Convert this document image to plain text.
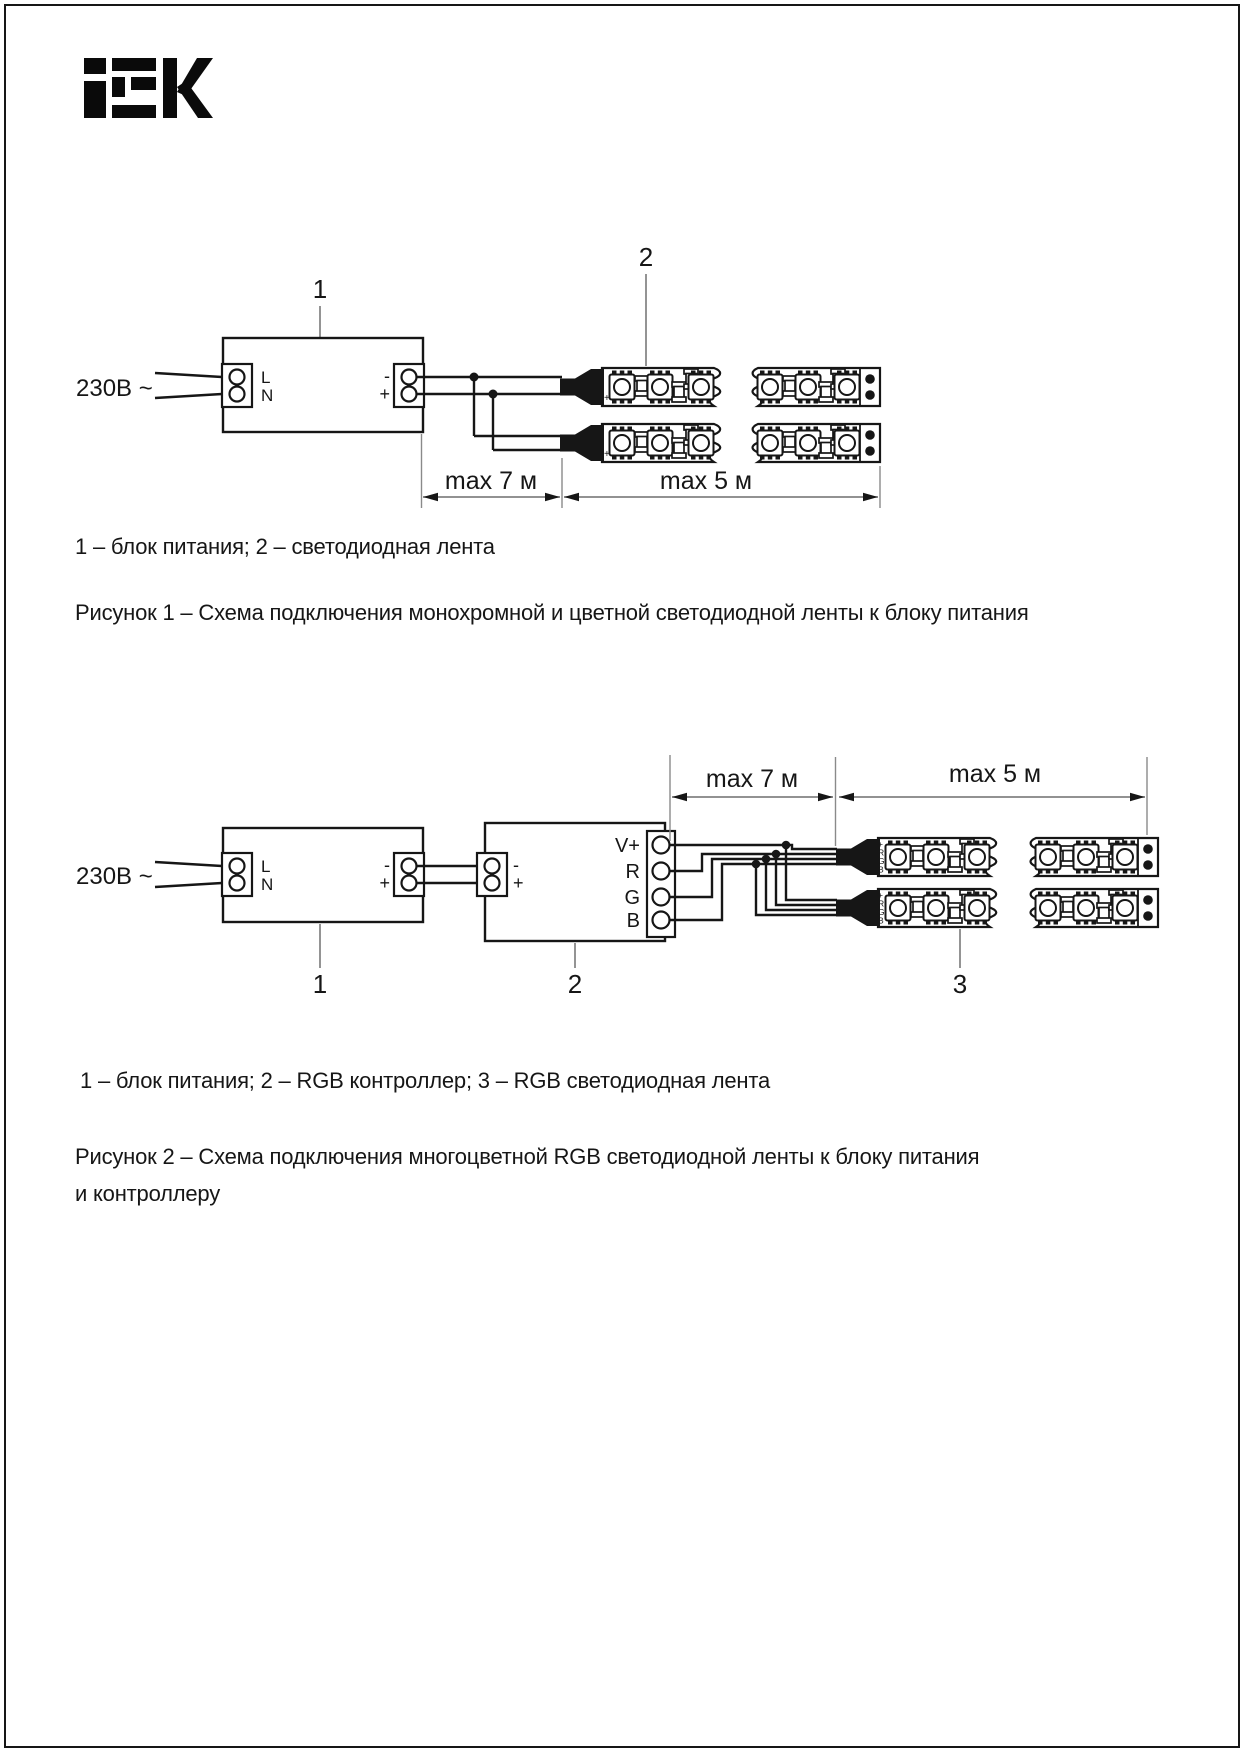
1
2
230В ~	L
N
-
+	+
+
max 7 м	max 5 м
230В ~	L
N
-
+
-
+
V+
R
G
B
+
R
G
B
+
R
G
B
max 7 м	max 5 м
1	2	3
1 – блок питания; 2 – светодиодная лента
Рисунок 1 – Схема подключения монохромной и цветной светодиодной ленты к блоку питания
1 – блок питания; 2 – RGB контроллер; 3 – RGB светодиодная лента
Рисунок 2 – Схема подключения многоцветной RGB светодиодной ленты к блоку питания
и контроллеру
